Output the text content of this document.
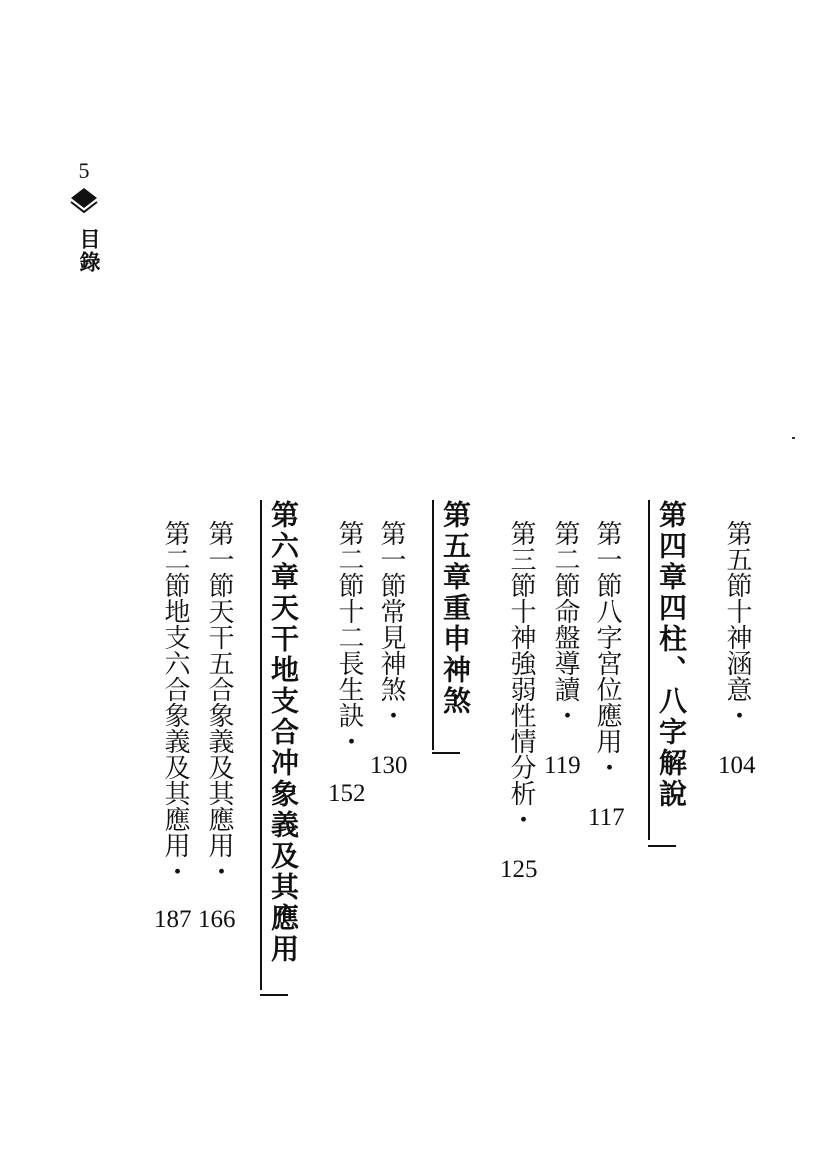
5
目錄
第五節十神涵意・
104
第四章四柱、八字解說
第一節八字宮位應用・
117
第二節命盤導讀・
119
第三節十神強弱性情分析・
125
第五章重申神煞
第一節常見神煞・
130
第二節十二長生訣・
152
第六章天干地支合冲象義及其應用
第一節天干五合象義及其應用・
166
第二節地支六合象義及其應用・
187
